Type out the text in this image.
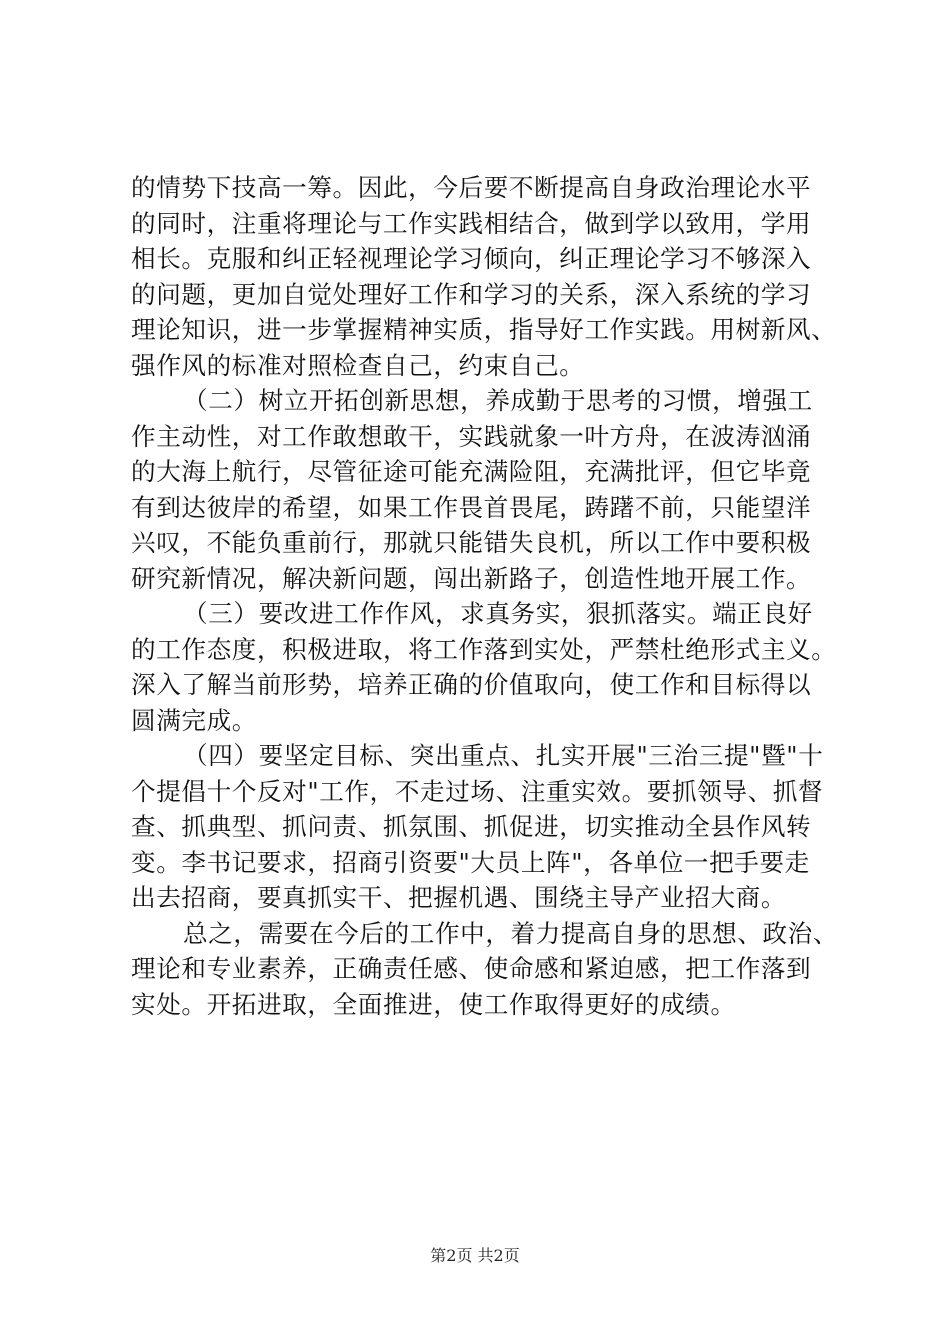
的情势下技高一筹。因此，今后要不断提高自身政治理论水平
的同时，注重将理论与工作实践相结合，做到学以致用，学用
相长。克服和纠正轻视理论学习倾向，纠正理论学习不够深入
的问题，更加自觉处理好工作和学习的关系，深入系统的学习
理论知识，进一步掌握精神实质，指导好工作实践。用树新风、
强作风的标准对照检查自己，约束自己。
（二）树立开拓创新思想，养成勤于思考的习惯，增强工
作主动性，对工作敢想敢干，实践就象一叶方舟，在波涛汹涌
的大海上航行，尽管征途可能充满险阻，充满批评，但它毕竟
有到达彼岸的希望，如果工作畏首畏尾，踌躇不前，只能望洋
兴叹，不能负重前行，那就只能错失良机，所以工作中要积极
研究新情况，解决新问题，闯出新路子，创造性地开展工作。
（三）要改进工作作风，求真务实，狠抓落实。端正良好
的工作态度，积极进取，将工作落到实处，严禁杜绝形式主义。
深入了解当前形势，培养正确的价值取向，使工作和目标得以
圆满完成。
（四）要坚定目标、突出重点、扎实开展"三治三提"暨"十
个提倡十个反对"工作，不走过场、注重实效。要抓领导、抓督
查、抓典型、抓问责、抓氛围、抓促进，切实推动全县作风转
变。李书记要求，招商引资要"大员上阵"，各单位一把手要走
出去招商，要真抓实干、把握机遇、围绕主导产业招大商。
总之，需要在今后的工作中，着力提高自身的思想、政治、
理论和专业素养，正确责任感、使命感和紧迫感，把工作落到
实处。开拓进取，全面推进，使工作取得更好的成绩。
第2页 共2页
